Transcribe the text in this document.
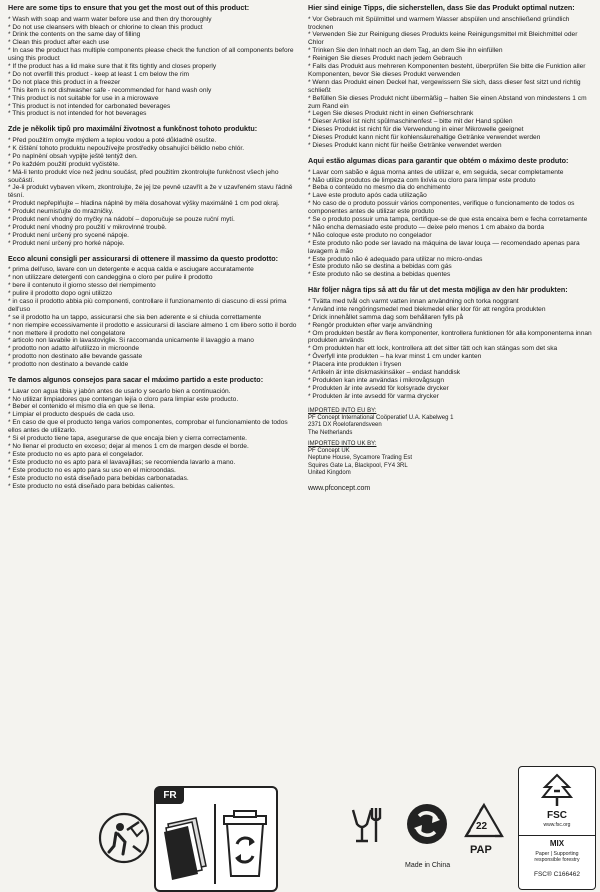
Here are some tips to ensure that you get the most out of this product:
* Wash with soap and warm water before use and then dry thoroughly
* Do not use cleansers with bleach or chlorine to clean this product
* Drink the contents on the same day of filling
* Clean this product after each use
* In case the product has multiple components please check the function of all components before using this product
* If the product has a lid make sure that it fits tightly and closes properly
* Do not overfill this product - keep at least 1 cm below the rim
* Do not place this product in a freezer
* This item is not dishwasher safe - recommended for hand wash only
* This product is not suitable for use in a microwave
* This product is not intended for carbonated beverages
* This product is not intended for hot beverages
Zde je několik tipů pro maximální životnost a funkčnost tohoto produktu:
* Před použitím omyjte mýdlem a teplou vodou a poté důkladně osušte.
* K čištění tohoto produktu nepoužívejte prostředky obsahující bělidlo nebo chlór.
* Po naplnění obsah vypijte ještě tentýž den.
* Po každém použití produkt vyčistěte.
* Má-li tento produkt více než jednu součást, před použitím zkontrolujte funkčnost všech jeho součástí.
* Je-li produkt vybaven víkem, zkontrolujte, že jej lze pevně uzavřít a že v uzavřeném stavu řádně těsní.
* Produkt nepřeplňujte – hladina náplně by měla dosahovat výšky maximálně 1 cm pod okraj.
* Produkt neumisťujte do mrazničky.
* Produkt není vhodný do myčky na nádobí – doporučuje se pouze ruční mytí.
* Produkt není vhodný pro použití v mikrovlnné troubě.
* Produkt není určený pro sycené nápoje.
* Produkt není určený pro horké nápoje.
Ecco alcuni consigli per assicurarsi di ottenere il massimo da questo prodotto:
* prima dell'uso, lavare con un detergente e acqua calda e asciugare accuratamente
* non utilizzare detergenti con candeggina o cloro per pulire il prodotto
* bere il contenuto il giorno stesso del riempimento
* pulire il prodotto dopo ogni utilizzo
* in caso il prodotto abbia più componenti, controllare il funzionamento di ciascuno di essi prima dell'uso
* se il prodotto ha un tappo, assicurarsi che sia ben aderente e si chiuda correttamente
* non riempire eccessivamente il prodotto e assicurarsi di lasciare almeno 1 cm libero sotto il bordo
* non mettere il prodotto nel congelatore
* articolo non lavabile in lavastoviglie. Si raccomanda unicamente il lavaggio a mano
* prodotto non adatto all'utilizzo in microonde
* prodotto non destinato alle bevande gassate
* prodotto non destinato a bevande calde
Te damos algunos consejos para sacar el máximo partido a este producto:
* Lavar con agua tibia y jabón antes de usarlo y secarlo bien a continuación.
* No utilizar limpiadores que contengan lejía o cloro para limpiar este producto.
* Beber el contenido el mismo día en que se llena.
* Limpiar el producto después de cada uso.
* En caso de que el producto tenga varios componentes, comprobar el funcionamiento de todos ellos antes de utilizarlo.
* Si el producto tiene tapa, asegurarse de que encaja bien y cierra correctamente.
* No llenar el producto en exceso; dejar al menos 1 cm de margen desde el borde.
* Este producto no es apto para el congelador.
* Este producto no es apto para el lavavajillas; se recomienda lavarlo a mano.
* Este producto no es apto para su uso en el microondas.
* Este producto no está diseñado para bebidas carbonatadas.
* Este producto no está diseñado para bebidas calientes.
Hier sind einige Tipps, die sicherstellen, dass Sie das Produkt optimal nutzen:
* Vor Gebrauch mit Spülmittel und warmem Wasser abspülen und anschließend gründlich trocknen
* Verwenden Sie zur Reinigung dieses Produkts keine Reinigungsmittel mit Bleichmittel oder Chlor
* Trinken Sie den Inhalt noch an dem Tag, an dem Sie ihn einfüllen
* Reinigen Sie dieses Produkt nach jedem Gebrauch
* Falls das Produkt aus mehreren Komponenten besteht, überprüfen Sie bitte die Funktion aller Komponenten, bevor Sie dieses Produkt verwenden
* Wenn das Produkt einen Deckel hat, vergewissern Sie sich, dass dieser fest sitzt und richtig schließt
* Befüllen Sie dieses Produkt nicht übermäßig – halten Sie einen Abstand von mindestens 1 cm zum Rand ein
* Legen Sie dieses Produkt nicht in einen Gefrierschrank
* Dieser Artikel ist nicht spülmaschinenfest – bitte mit der Hand spülen
* Dieses Produkt ist nicht für die Verwendung in einer Mikrowelle geeignet
* Dieses Produkt kann nicht für kohlensäurehaltige Getränke verwendet werden
* Dieses Produkt kann nicht für heiße Getränke verwendet werden
Aqui estão algumas dicas para garantir que obtém o máximo deste produto:
* Lavar com sabão e água morna antes de utilizar e, em seguida, secar completamente
* Não utilize produtos de limpeza com lixívia ou cloro para limpar este produto
* Beba o conteúdo no mesmo dia do enchimento
* Lave este produto após cada utilização
* No caso de o produto possuir vários componentes, verifique o funcionamento de todos os componentes antes de utilizar este produto
* Se o produto possuir uma tampa, certifique-se de que esta encaixa bem e fecha corretamente
* Não encha demasiado este produto — deixe pelo menos 1 cm abaixo da borda
* Não coloque este produto no congelador
* Este produto não pode ser lavado na máquina de lavar louça — recomendado apenas para lavagem à mão
* Este produto não é adequado para utilizar no micro-ondas
* Este produto não se destina a bebidas com gás
* Este produto não se destina a bebidas quentes
Här följer några tips så att du får ut det mesta möjliga av den här produkten:
* Tvätta med tvål och varmt vatten innan användning och torka noggrant
* Använd inte rengöringsmedel med blekmedel eller klor för att rengöra produkten
* Drick innehållet samma dag som behållaren fylls på
* Rengör produkten efter varje användning
* Om produkten består av flera komponenter, kontrollera funktionen för alla komponenterna innan produkten används
* Om produkten har ett lock, kontrollera att det sitter tätt och kan stängas som det ska
* Överfyll inte produkten – ha kvar minst 1 cm under kanten
* Placera inte produkten i frysen
* Artikeln är inte diskmaskinsäker – endast handdisk
* Produkten kan inte användas i mikrovågsugn
* Produkten är inte avsedd för kolsyrade drycker
* Produkten är inte avsedd för varma drycker
IMPORTED INTO EU BY:
PF Concept International Coöperatief U.A. Kabelweg 1
2371 DX Roelofarendsveen
The Netherlands
IMPORTED INTO UK BY:
PF Concept UK
Neptune House, Sycamore Trading Est
Squires Gate La, Blackpool, FY4 3RL
United Kingdom
www.pfconcept.com
FR
Made in China
22
PAP
FSC
www.fsc.org
MIX
Paper | Supporting responsible forestry
FSC® C166462
